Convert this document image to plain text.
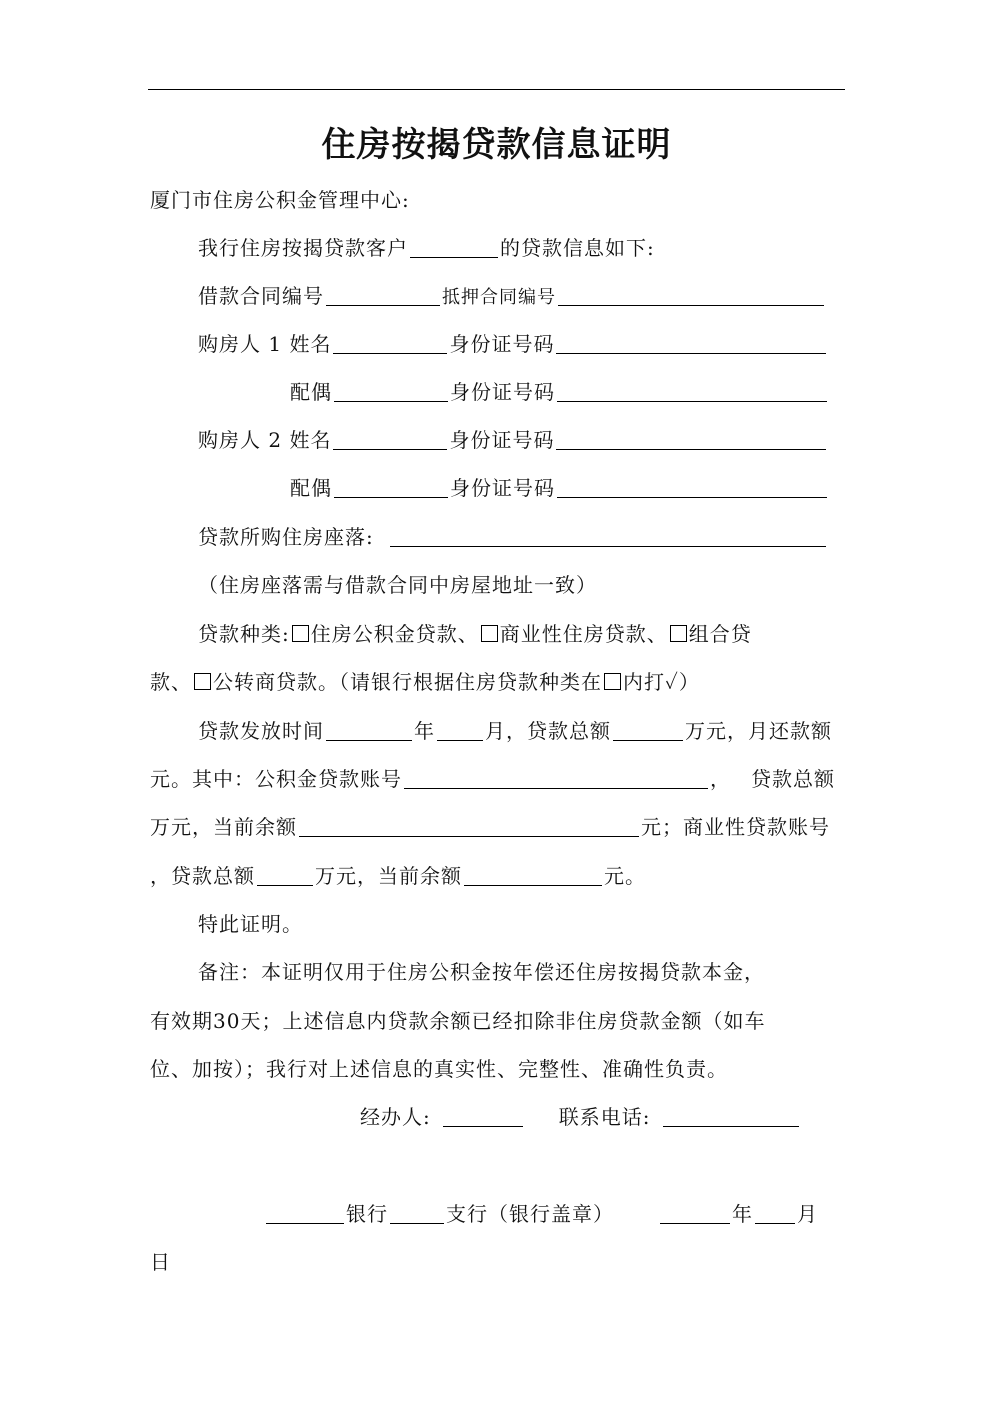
住房按揭贷款信息证明
厦门市住房公积金管理中心:
我行住房按揭贷款客户	的贷款信息如下:
借款合同编号	抵押合同编号
购房人 1 姓名	身份证号码
配偶	身份证号码
购房人 2 姓名	身份证号码
配偶	身份证号码
贷款所购住房座落:
（住房座落需与借款合同中房屋地址一致）
贷款种类: 住房公积金贷款、 商业性住房贷款、 组合贷
款、 公转商贷款。（请银行根据住房贷款种类在 内打✓）
贷款发放时间	年	月，贷款总额	万元，月还款额
元。其中：公积金贷款账号	， 贷款总额
万元，当前余额	元；商业性贷款账号
，贷款总额	万元，当前余额	元。
特此证明。
备注：本证明仅用于住房公积金按年偿还住房按揭贷款本金，
有效期30天；上述信息内贷款余额已经扣除非住房贷款金额（如车
位、加按）；我行对上述信息的真实性、完整性、准确性负责。
经办人:	联系电话:
银行	支行（银行盖章）	年 月
日
